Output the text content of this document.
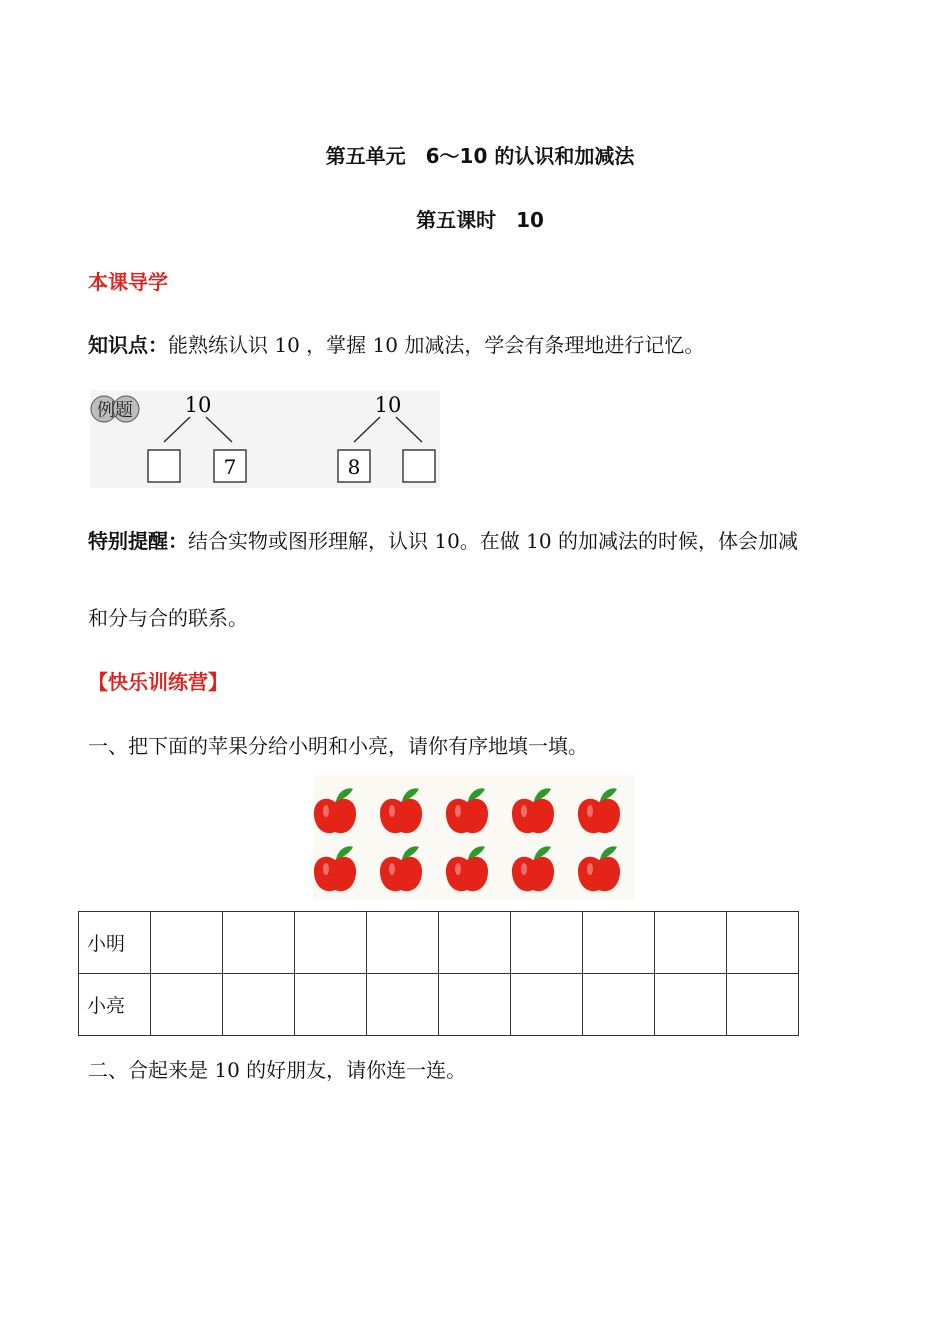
第五单元　6～10 的认识和加减法
第五课时　10
本课导学
知识点：能熟练认识 10 ，掌握 10 加减法，学会有条理地进行记忆。
例题 10
7
10
8
特别提醒：结合实物或图形理解，认识 10。在做 10 的加减法的时候，体会加减
和分与合的联系。
【快乐训练营】
一、把下面的苹果分给小明和小亮，请你有序地填一填。
小明									
小亮									
二、合起来是 10 的好朋友，请你连一连。
